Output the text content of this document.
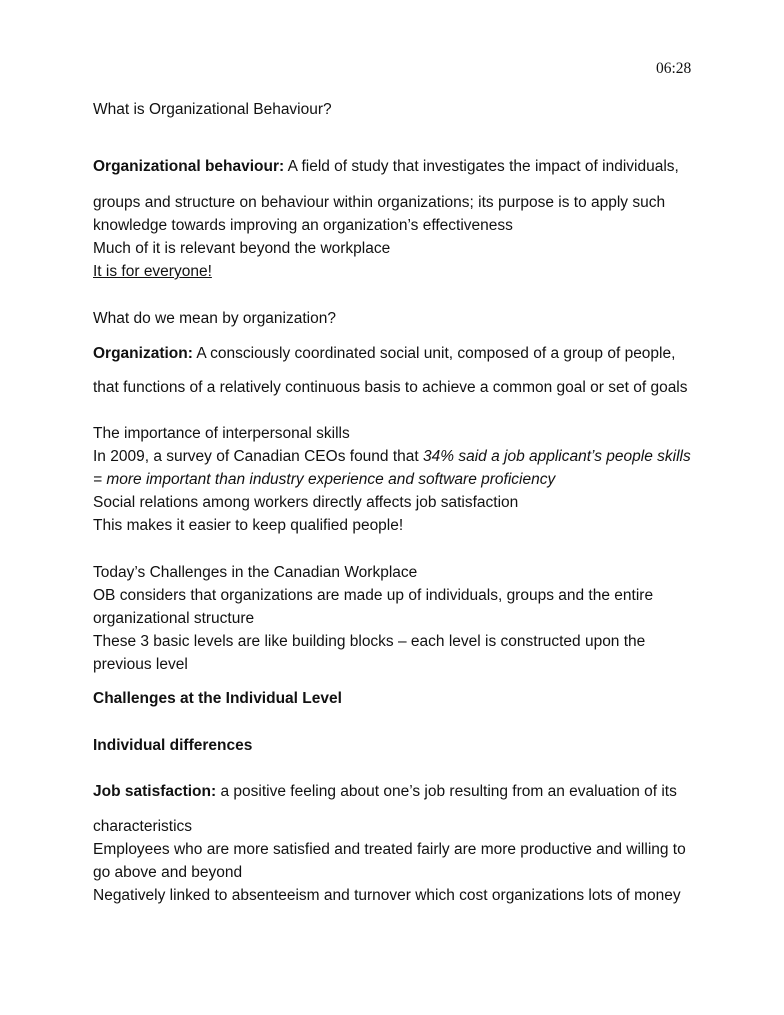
06:28
What is Organizational Behaviour?
Organizational behaviour: A field of study that investigates the impact of individuals,
groups and structure on behaviour within organizations; its purpose is to apply such
knowledge towards improving an organization’s effectiveness
Much of it is relevant beyond the workplace
It is for everyone!
What do we mean by organization?
Organization: A consciously coordinated social unit, composed of a group of people,
that functions of a relatively continuous basis to achieve a common goal or set of goals
The importance of interpersonal skills
In 2009, a survey of Canadian CEOs found that 34% said a job applicant’s people skills
= more important than industry experience and software proficiency
Social relations among workers directly affects job satisfaction
This makes it easier to keep qualified people!
Today’s Challenges in the Canadian Workplace
OB considers that organizations are made up of individuals, groups and the entire
organizational structure
These 3 basic levels are like building blocks – each level is constructed upon the
previous level
Challenges at the Individual Level
Individual differences
Job satisfaction: a positive feeling about one’s job resulting from an evaluation of its
characteristics
Employees who are more satisfied and treated fairly are more productive and willing to
go above and beyond
Negatively linked to absenteeism and turnover which cost organizations lots of money
